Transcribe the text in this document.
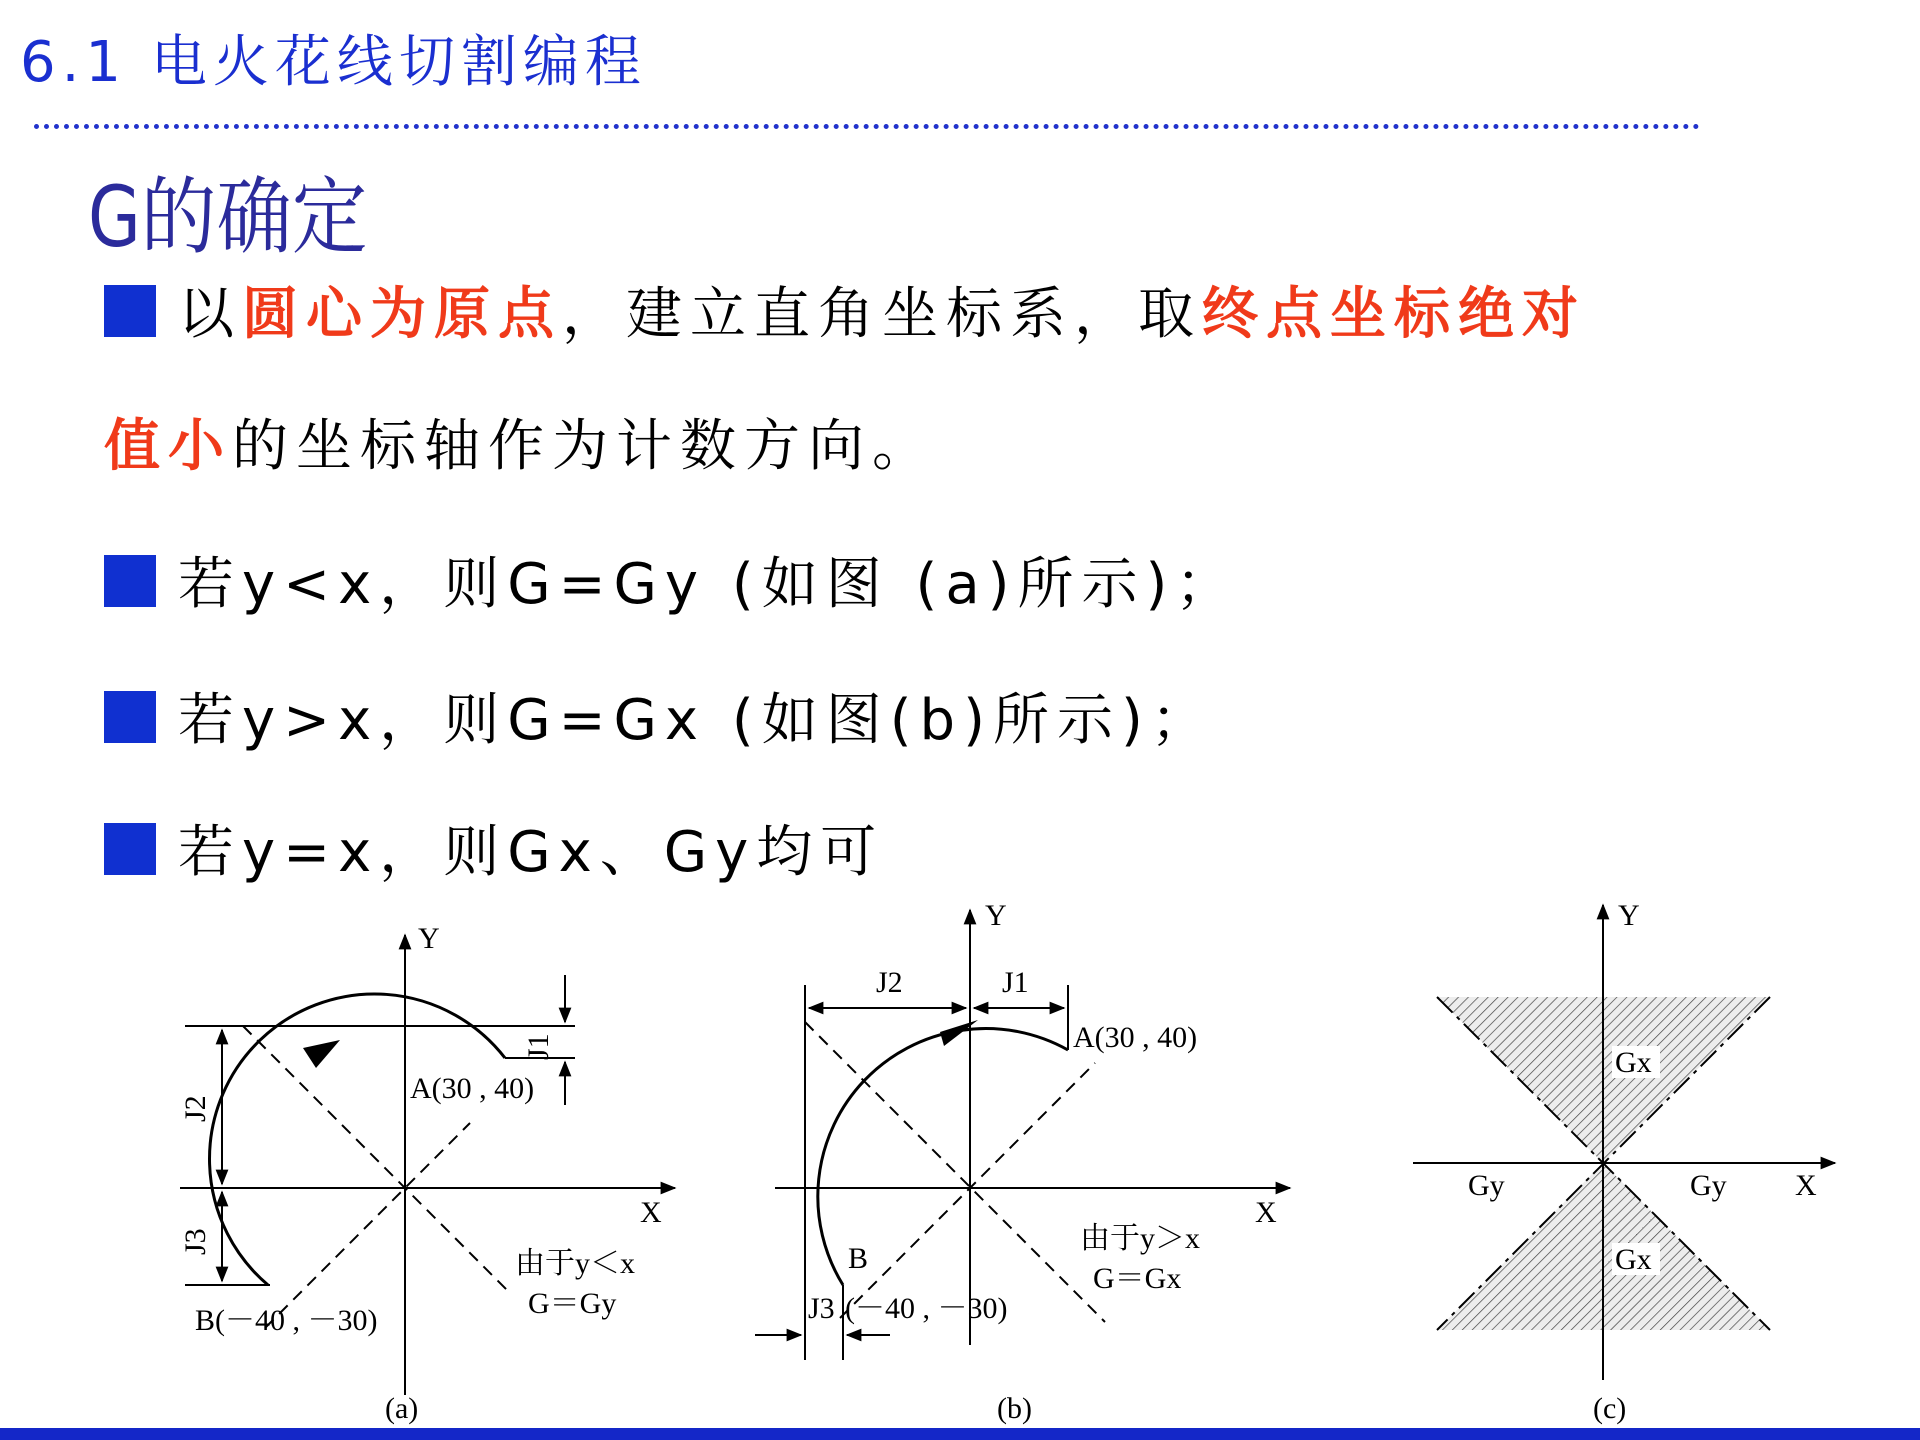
6.1 电火花线切割编程
G的确定
以圆心为原点，建立直角坐标系，取终点坐标绝对
值小的坐标轴作为计数方向。
若y<x，则G=Gy (如图 (a)所示)；
若y>x，则G=Gx (如图(b)所示)；
若y=x，则Gx、Gy均可
Y
X
J1
J2
J3
A(30 , 40)
B(－40 , －30)
由于y＜x
G＝Gy
(a)
Y
X
J2	J1
J3
A(30 , 40)
B
(－40 , －30)
由于y＞x
G＝Gx
(b)
Y
X
Gx
Gx
Gy	Gy
(c)
